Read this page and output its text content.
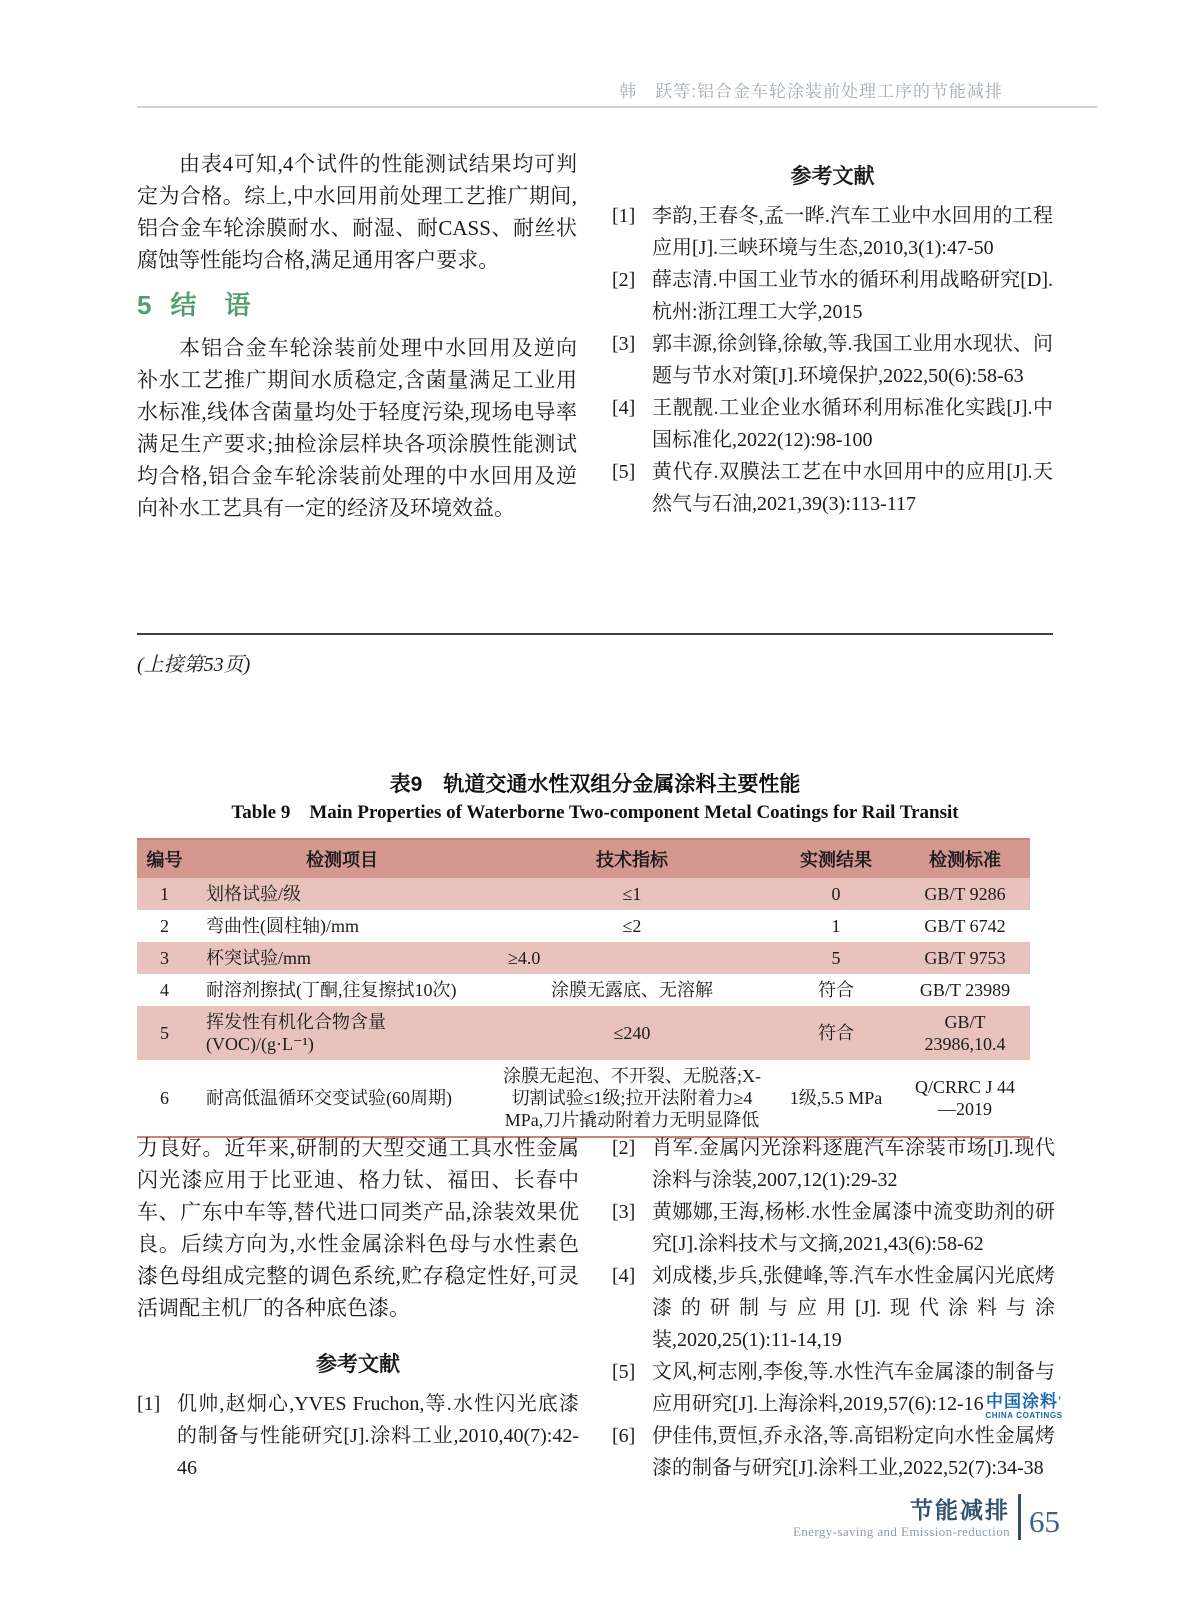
韩　跃等:铝合金车轮涂装前处理工序的节能减排

由表4可知,4个试件的性能测试结果均可判定为合格。综上,中水回用前处理工艺推广期间,铝合金车轮涂膜耐水、耐湿、耐CASS、耐丝状腐蚀等性能均合格,满足通用客户要求。

5 结　语

本铝合金车轮涂装前处理中水回用及逆向补水工艺推广期间水质稳定,含菌量满足工业用水标准,线体含菌量均处于轻度污染,现场电导率满足生产要求;抽检涂层样块各项涂膜性能测试均合格,铝合金车轮涂装前处理的中水回用及逆向补水工艺具有一定的经济及环境效益。

参考文献
[1] 李韵,王春冬,孟一晔.汽车工业中水回用的工程应用[J].三峡环境与生态,2010,3(1):47-50
[2] 薛志清.中国工业节水的循环利用战略研究[D].杭州:浙江理工大学,2015
[3] 郭丰源,徐剑锋,徐敏,等.我国工业用水现状、问题与节水对策[J].环境保护,2022,50(6):58-63
[4] 王靓靓.工业企业水循环利用标准化实践[J].中国标准化,2022(12):98-100
[5] 黄代存.双膜法工艺在中水回用中的应用[J].天然气与石油,2021,39(3):113-117
(上接第53页)
表9　轨道交通水性双组分金属涂料主要性能
Table 9　Main Properties of Waterborne Two-component Metal Coatings for Rail Transit
编号	检测项目	技术指标	实测结果	检测标准
1	划格试验/级	≤1	0	GB/T 9286
2	弯曲性(圆柱轴)/mm	≤2	1	GB/T 6742
3	杯突试验/mm	≥4.0	5	GB/T 9753
4	耐溶剂擦拭(丁酮,往复擦拭10次)	涂膜无露底、无溶解	符合	GB/T 23989
5	挥发性有机化合物含量(VOC)/(g·L⁻¹)	≤240	符合	GB/T 23986,10.4
6	耐高低温循环交变试验(60周期)	涂膜无起泡、不开裂、无脱落;X-切割试验≤1级;拉开法附着力≥4 MPa,刀片撬动附着力无明显降低	1级,5.5 MPa	Q/CRRC J 44—2019

力良好。近年来,研制的大型交通工具水性金属闪光漆应用于比亚迪、格力钛、福田、长春中车、广东中车等,替代进口同类产品,涂装效果优良。后续方向为,水性金属涂料色母与水性素色漆色母组成完整的调色系统,贮存稳定性好,可灵活调配主机厂的各种底色漆。

参考文献
[1] 仉帅,赵炯心,YVES Fruchon,等.水性闪光底漆的制备与性能研究[J].涂料工业,2010,40(7):42-46
[2] 肖军.金属闪光涂料逐鹿汽车涂装市场[J].现代涂料与涂装,2007,12(1):29-32
[3] 黄娜娜,王海,杨彬.水性金属漆中流变助剂的研究[J].涂料技术与文摘,2021,43(6):58-62
[4] 刘成楼,步兵,张健峰,等.汽车水性金属闪光底烤漆的研制与应用[J].现代涂料与涂装,2020,25(1):11-14,19
[5] 文风,柯志刚,李俊,等.水性汽车金属漆的制备与应用研究[J].上海涂料,2019,57(6):12-16
[6] 伊佳伟,贾恒,乔永洛,等.高铝粉定向水性金属烤漆的制备与研究[J].涂料工业,2022,52(7):34-38
中国涂料 ’
CHINA COATINGS
节能减排
Energy-saving and Emission-reduction 65
